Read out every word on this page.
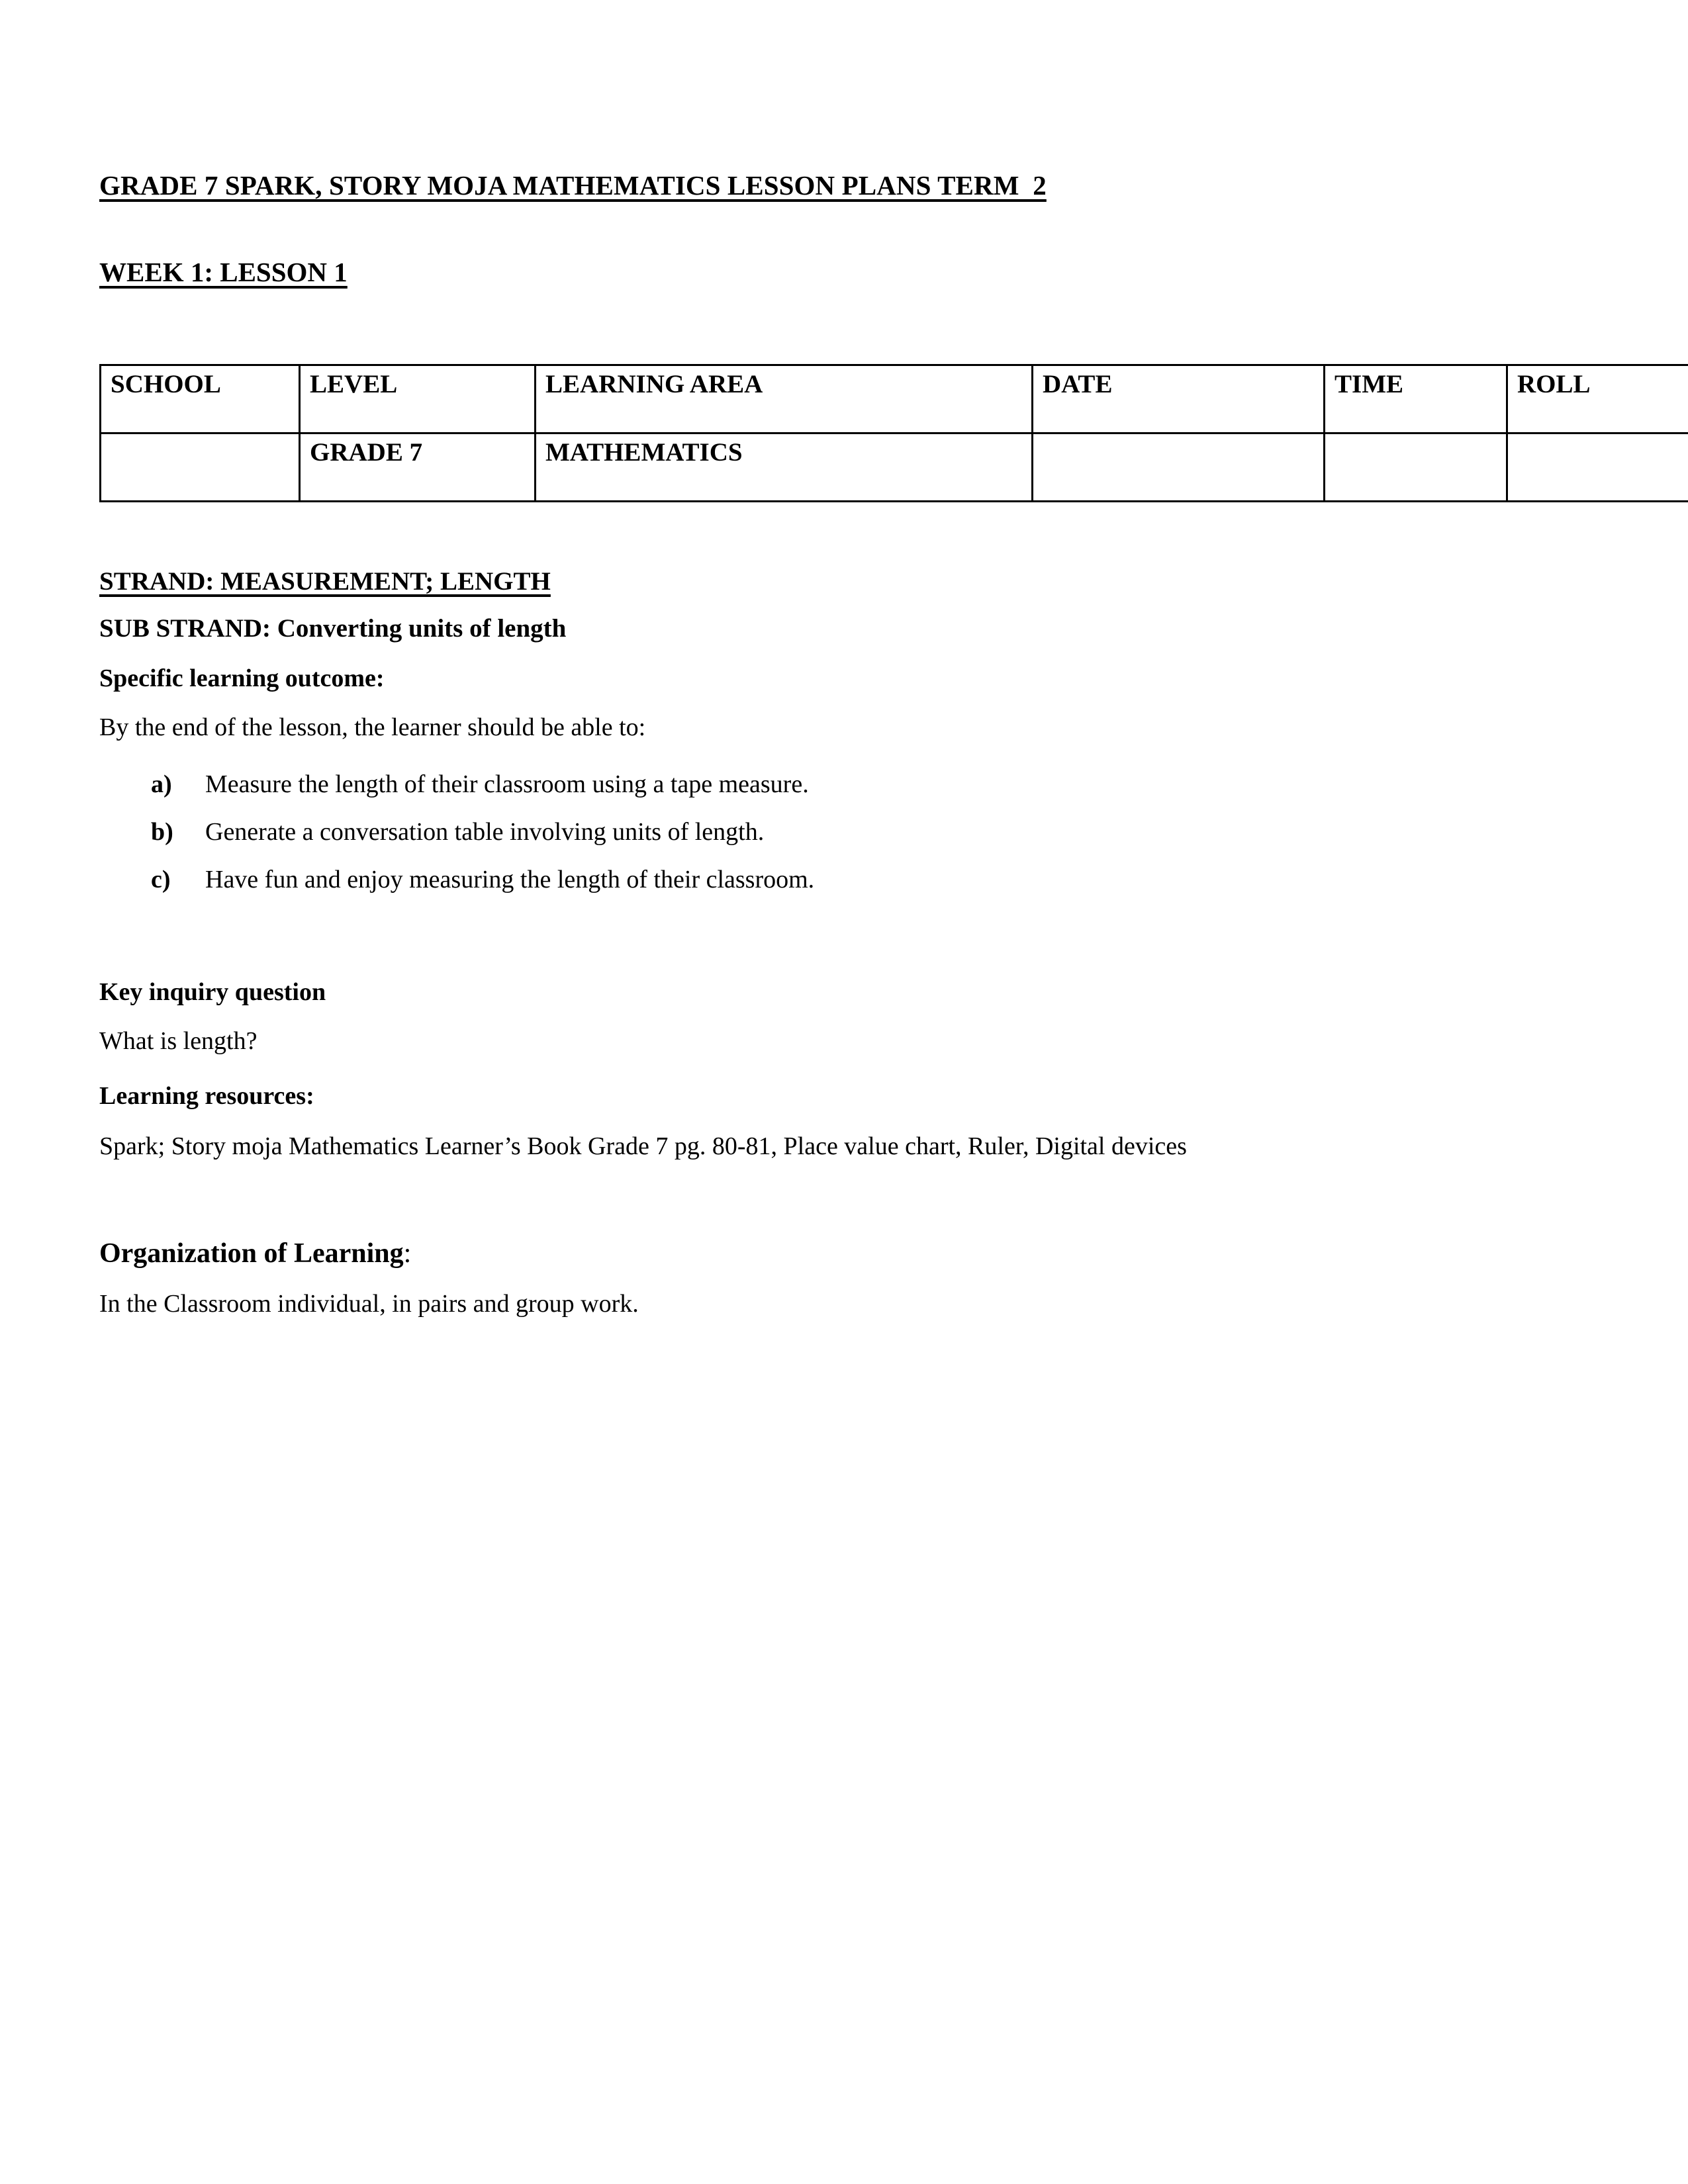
GRADE 7 SPARK, STORY MOJA MATHEMATICS LESSON PLANS TERM  2
WEEK 1: LESSON 1
SCHOOL	LEVEL	LEARNING AREA	DATE	TIME	ROLL
	GRADE 7	MATHEMATICS			

STRAND: MEASUREMENT; LENGTH

SUB STRAND: Converting units of length

Specific learning outcome:

By the end of the lesson, the learner should be able to:

a) Measure the length of their classroom using a tape measure.
b) Generate a conversation table involving units of length.
c) Have fun and enjoy measuring the length of their classroom.

Key inquiry question

What is length?

Learning resources:

Spark; Story moja Mathematics Learner’s Book Grade 7 pg. 80-81, Place value chart, Ruler, Digital devices

Organization of Learning:

In the Classroom individual, in pairs and group work.
